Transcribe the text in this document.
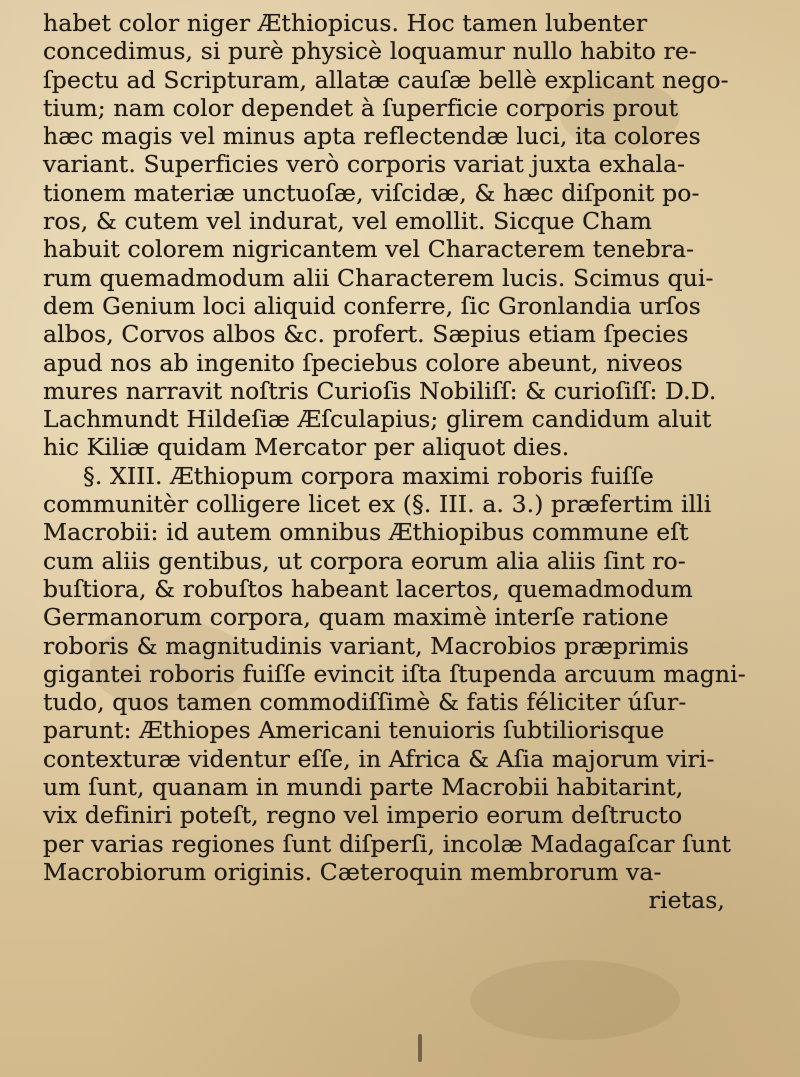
habet color niger Æthiopicus. Hoc tamen lubenter
concedimus, si purè physicè loquamur nullo habito re-
ſpectu ad Scripturam, allatæ cauſæ bellè explicant nego-
tium; nam color dependet à ſuperficie corporis prout
hæc magis vel minus apta reflectendæ luci, ita colores
variant. Superficies verò corporis variat juxta exhala-
tionem materiæ unctuoſæ, viſcidæ, & hæc diſponit po-
ros, & cutem vel indurat, vel emollit. Sicque Cham
habuit colorem nigricantem vel Characterem tenebra-
rum quemadmodum alii Characterem lucis. Scimus qui-
dem Genium loci aliquid conferre, ſic Gronlandia urſos
albos, Corvos albos &c. profert. Sæpius etiam ſpecies
apud nos ab ingenito ſpeciebus colore abeunt, niveos
mures narravit noſtris Curioſis Nobiliſſ: & curioſiſſ: D.D.
Lachmundt Hildeſiæ Æſculapius; glirem candidum aluit
hic Kiliæ quidam Mercator per aliquot dies.
§. XIII. Æthiopum corpora maximi roboris fuiſſe
communitèr colligere licet ex (§. III. a. 3.) præfertim illi
Macrobii: id autem omnibus Æthiopibus commune eſt
cum aliis gentibus, ut corpora eorum alia aliis ſint ro-
buſtiora, & robuſtos habeant lacertos, quemadmodum
Germanorum corpora, quam maximè interſe ratione
roboris & magnitudinis variant, Macrobios præprimis
gigantei roboris fuiſſe evincit iſta ſtupenda arcuum magni-
tudo, quos tamen commodiſſimè & fatis féliciter úſur-
parunt: Æthiopes Americani tenuioris ſubtiliorisque
contexturæ videntur eſſe, in Africa & Aſia majorum viri-
um ſunt, quanam in mundi parte Macrobii habitarint,
vix definiri poteſt, regno vel imperio eorum deſtructo
per varias regiones ſunt diſperſi, incolæ Madagaſcar ſunt
Macrobiorum originis. Cæteroquin membrorum va-
rietas,
